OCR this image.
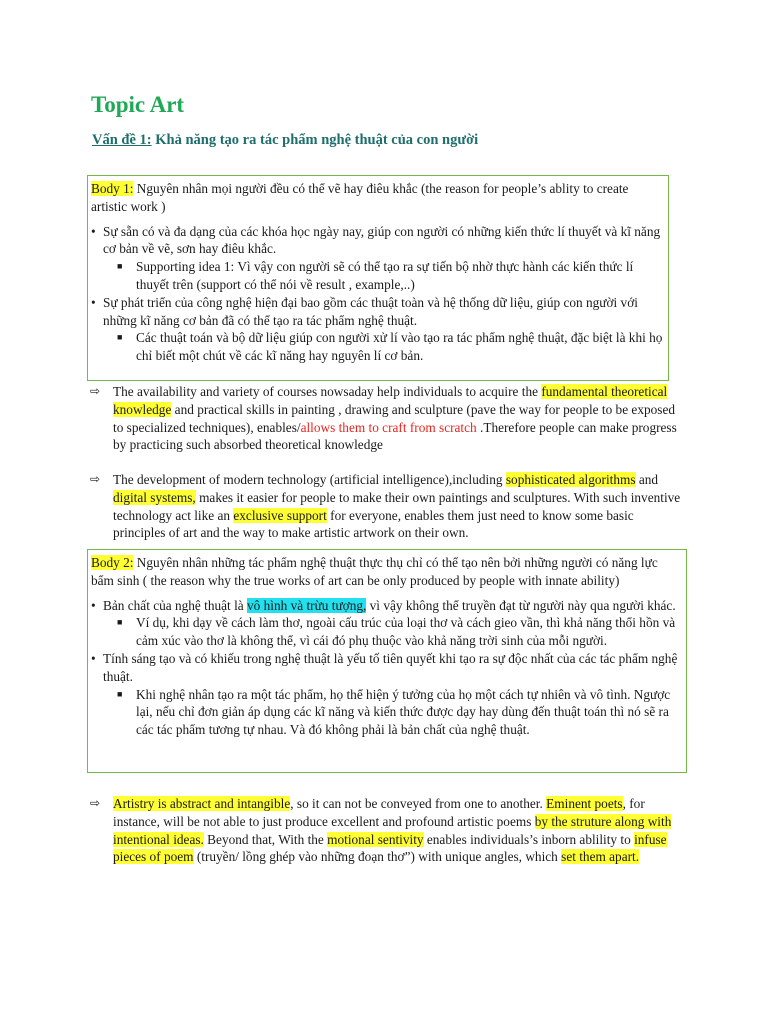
Topic Art

Vấn đề 1: Khả năng tạo ra tác phẩm nghệ thuật của con người

Body 1: Nguyên nhân mọi người đều có thể vẽ hay điêu khắc (the reason for people’s ablity to create artistic work )

• Sự sẵn có và đa dạng của các khóa học ngày nay, giúp con người có những kiến thức lí thuyết và kĩ năng cơ bản về vẽ, sơn hay điêu khắc.

■ Supporting idea 1: Vì vậy con người sẽ có thể tạo ra sự tiến bộ nhờ thực hành các kiến thức lí thuyết trên (support có thể nói về result , example,..)

• Sự phát triển của công nghệ hiện đại bao gồm các thuật toàn và hệ thống dữ liệu, giúp con người với những kĩ năng cơ bản đã có thể tạo ra tác phẩm nghệ thuật.

■ Các thuật toán và bộ dữ liệu giúp con người xử lí vào tạo ra tác phẩm nghệ thuật, đặc biệt là khi họ chỉ biết một chút về các kĩ năng hay nguyên lí cơ bản.

⇨ The availability and variety of courses nowsaday help individuals to acquire the fundamental theoretical knowledge and practical skills in painting , drawing and sculpture (pave the way for people to be exposed to specialized techniques), enables/allows them to craft from scratch .Therefore people can make progress by practicing such absorbed theoretical knowledge
⇨ The development of modern technology (artificial intelligence),including sophisticated algorithms and digital systems, makes it easier for people to make their own paintings and sculptures. With such inventive technology act like an exclusive support for everyone, enables them just need to know some basic principles of art and the way to make artistic artwork on their own.

Body 2: Nguyên nhân những tác phẩm nghệ thuật thực thụ chỉ có thể tạo nên bởi những người có năng lực bẩm sinh ( the reason why the true works of art can be only produced by people with innate ability)

• Bản chất của nghệ thuật là vô hình và trừu tượng, vì vậy không thể truyền đạt từ người này qua người khác.

■ Ví dụ, khi dạy về cách làm thơ, ngoài cấu trúc của loại thơ và cách gieo vần, thì khả năng thổi hồn và cảm xúc vào thơ là không thể, vì cái đó phụ thuộc vào khả năng trời sinh của mỗi người.

• Tính sáng tạo và có khiếu trong nghệ thuật là yếu tố tiên quyết khi tạo ra sự độc nhất của các tác phẩm nghệ thuật.

■ Khi nghệ nhân tạo ra một tác phẩm, họ thể hiện ý tưởng của họ một cách tự nhiên và vô tình. Ngược lại, nếu chỉ đơn giản áp dụng các kĩ năng và kiến thức được dạy hay dùng đến thuật toán thì nó sẽ ra các tác phẩm tương tự nhau. Và đó không phải là bản chất của nghệ thuật.

⇨ Artistry is abstract and intangible, so it can not be conveyed from one to another. Eminent poets, for instance, will be not able to just produce excellent and profound artistic poems by the struture along with intentional ideas. Beyond that, With the motional sentivity enables individuals’s inborn ablility to infuse pieces of poem (truyền/ lồng ghép vào những đoạn thơ”) with unique angles, which set them apart.
